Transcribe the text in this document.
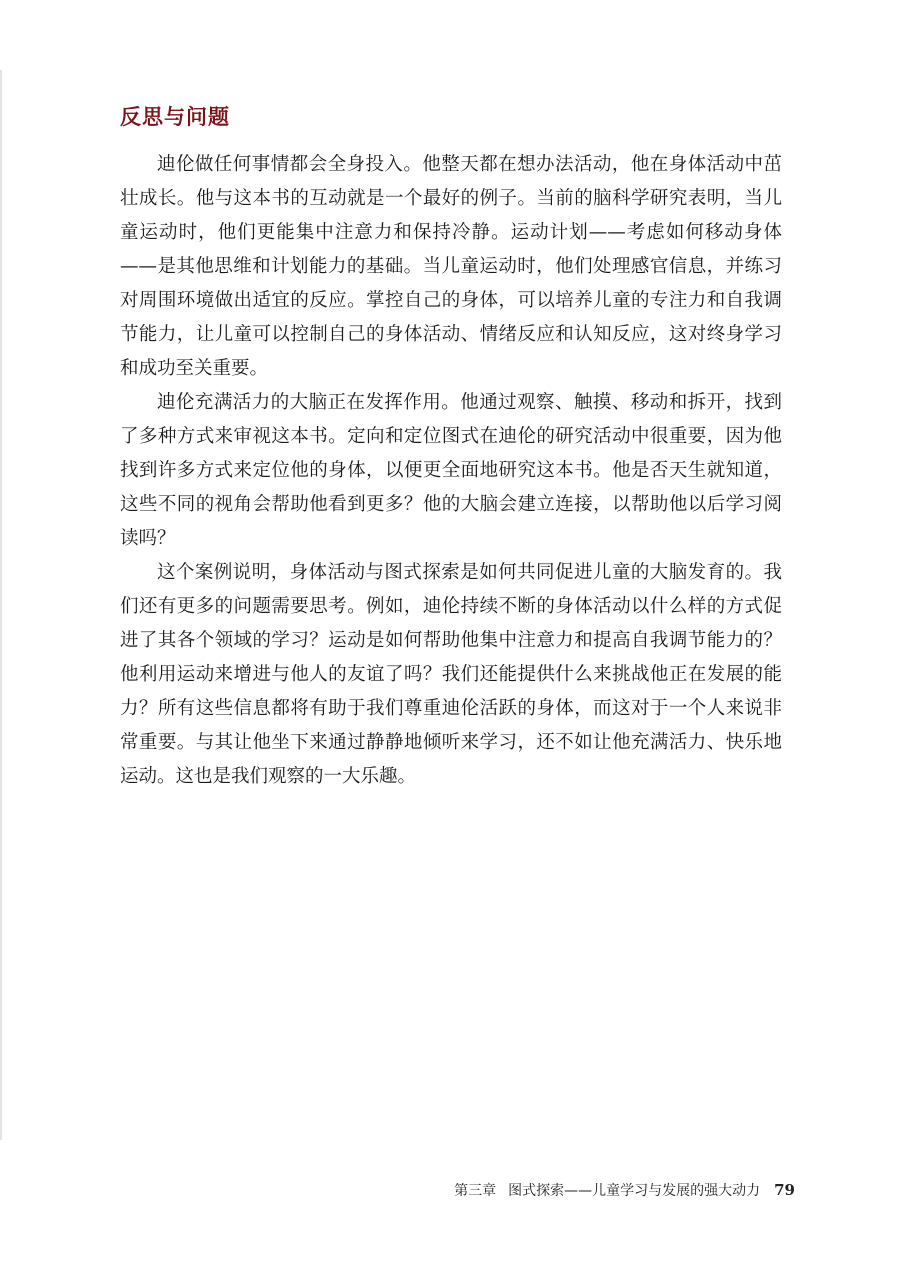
反思与问题

迪伦做任何事情都会全身投入。他整天都在想办法活动，他在身体活动中茁壮成长。他与这本书的互动就是一个最好的例子。当前的脑科学研究表明，当儿童运动时，他们更能集中注意力和保持冷静。运动计划——考虑如何移动身体——是其他思维和计划能力的基础。当儿童运动时，他们处理感官信息，并练习对周围环境做出适宜的反应。掌控自己的身体，可以培养儿童的专注力和自我调节能力，让儿童可以控制自己的身体活动、情绪反应和认知反应，这对终身学习和成功至关重要。

迪伦充满活力的大脑正在发挥作用。他通过观察、触摸、移动和拆开，找到了多种方式来审视这本书。定向和定位图式在迪伦的研究活动中很重要，因为他找到许多方式来定位他的身体，以便更全面地研究这本书。他是否天生就知道，这些不同的视角会帮助他看到更多？他的大脑会建立连接，以帮助他以后学习阅读吗？

这个案例说明，身体活动与图式探索是如何共同促进儿童的大脑发育的。我们还有更多的问题需要思考。例如，迪伦持续不断的身体活动以什么样的方式促进了其各个领域的学习？运动是如何帮助他集中注意力和提高自我调节能力的？他利用运动来增进与他人的友谊了吗？我们还能提供什么来挑战他正在发展的能力？所有这些信息都将有助于我们尊重迪伦活跃的身体，而这对于一个人来说非常重要。与其让他坐下来通过静静地倾听来学习，还不如让他充满活力、快乐地运动。这也是我们观察的一大乐趣。

第三章 图式探索——儿童学习与发展的强大动力 79
